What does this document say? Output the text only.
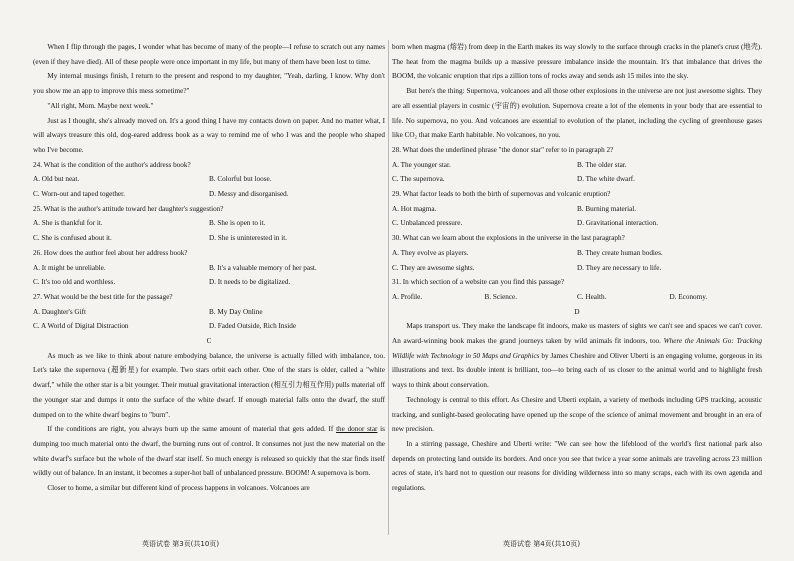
When I flip through the pages, I wonder what has become of many of the people—I refuse to scratch out any names (even if they have died). All of these people were once important in my life, but many of them have been lost to time.

My internal musings finish, I return to the present and respond to my daughter, "Yeah, darling, I know. Why don't you show me an app to improve this mess sometime?"

"All right, Mom. Maybe next week."

Just as I thought, she's already moved on. It's a good thing I have my contacts down on paper. And no matter what, I will always treasure this old, dog-eared address book as a way to remind me of who I was and the people who shaped who I've become.

24. What is the condition of the author's address book?

A. Old but neat.	B. Colorful but loose.
C. Worn-out and taped together.	D. Messy and disorganised.

25. What is the author's attitude toward her daughter's suggestion?

A. She is thankful for it.	B. She is open to it.
C. She is confused about it.	D. She is uninterested in it.

26. How does the author feel about her address book?

A. It might be unreliable.	B. It's a valuable memory of her past.
C. It's too old and worthless.	D. It needs to be digitalized.

27. What would be the best title for the passage?

A. Daughter's Gift	B. My Day Online
C. A World of Digital Distraction	D. Faded Outside, Rich Inside

C

As much as we like to think about nature embodying balance, the universe is actually filled with imbalance, too. Let's take the supernova (超新星) for example. Two stars orbit each other. One of the stars is older, called a "white dwarf," while the other star is a bit younger. Their mutual gravitational interaction (相互引力相互作用) pulls material off the younger star and dumps it onto the surface of the white dwarf. If enough material falls onto the dwarf, the stuff dumped on to the white dwarf begins to "burn".

If the conditions are right, you always burn up the same amount of material that gets added. If the donor star is dumping too much material onto the dwarf, the burning runs out of control. It consumes not just the new material on the white dwarf's surface but the whole of the dwarf star itself. So much energy is released so quickly that the star finds itself wildly out of balance. In an instant, it becomes a super-hot ball of unbalanced pressure. BOOM! A supernova is born.

Closer to home, a similar but different kind of process happens in volcanoes. Volcanoes are

born when magma (熔岩) from deep in the Earth makes its way slowly to the surface through cracks in the planet's crust (地壳). The heat from the magma builds up a massive pressure imbalance inside the mountain. It's that imbalance that drives the BOOM, the volcanic eruption that rips a zillion tons of rocks away and sends ash 15 miles into the sky.

But here's the thing: Supernova, volcanoes and all those other explosions in the universe are not just awesome sights. They are all essential players in cosmic (宇宙的) evolution. Supernova create a lot of the elements in your body that are essential to life. No supernova, no you. And volcanoes are essential to evolution of the planet, including the cycling of greenhouse gases like CO₂ that make Earth habitable. No volcanoes, no you.

28. What does the underlined phrase "the donor star" refer to in paragraph 2?

A. The younger star.	B. The older star.
C. The supernova.	D. The white dwarf.

29. What factor leads to both the birth of supernovas and volcanic eruption?

A. Hot magma.	B. Burning material.
C. Unbalanced pressure.	D. Gravitational interaction.

30. What can we learn about the explosions in the universe in the last paragraph?

A. They evolve as players.	B. They create human bodies.
C. They are awesome sights.	D. They are necessary to life.

31. In which section of a website can you find this passage?

A. Profile.	B. Science.	C. Health.	D. Economy.

D

Maps transport us. They make the landscape fit indoors, make us masters of sights we can't see and spaces we can't cover. An award-winning book makes the grand journeys taken by wild animals fit indoors, too. Where the Animals Go: Tracking Wildlife with Technology in 50 Maps and Graphics by James Cheshire and Oliver Uberti is an engaging volume, gorgeous in its illustrations and text. Its double intent is brilliant, too—to bring each of us closer to the animal world and to highlight fresh ways to think about conservation.

Technology is central to this effort. As Chesire and Uberti explain, a variety of methods including GPS tracking, acoustic tracking, and sunlight-based geolocating have opened up the scope of the science of animal movement and brought in an era of new precision.

In a stirring passage, Cheshire and Uberti write: "We can see how the lifeblood of the world's first national park also depends on protecting land outside its borders. And once you see that twice a year some animals are traveling across 23 million acres of state, it's hard not to question our reasons for dividing wilderness into so many scraps, each with its own agenda and regulations.

英语试卷 第3页(共10页)	英语试卷 第4页(共10页)
